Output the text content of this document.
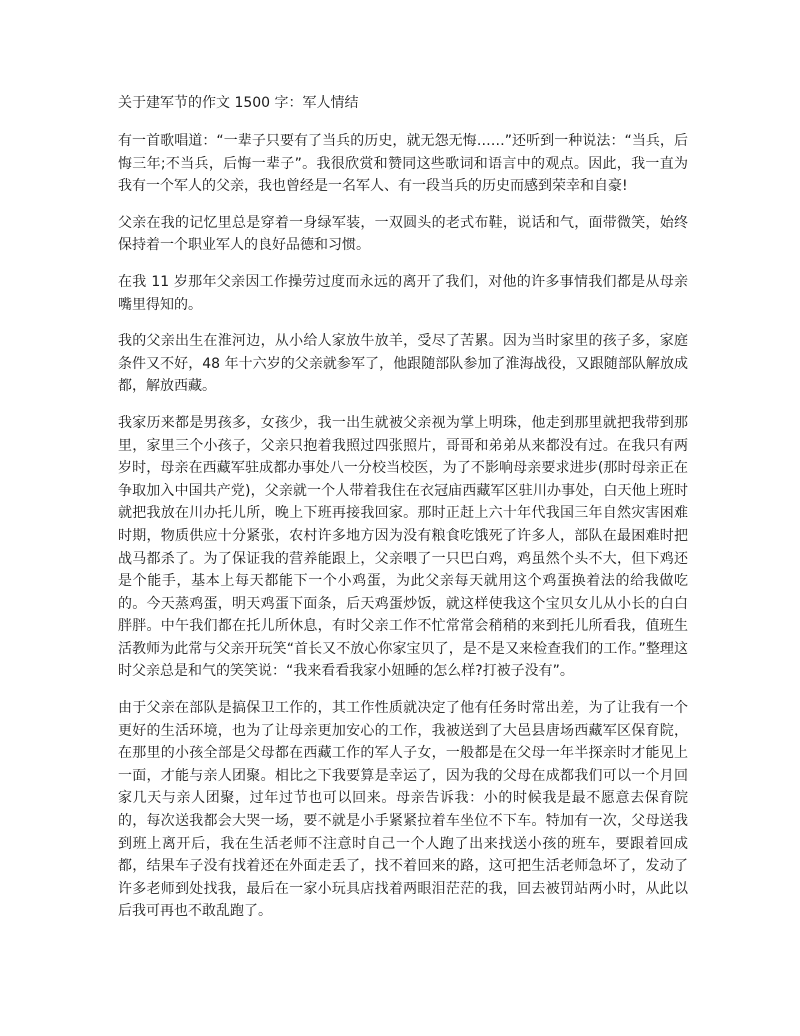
关于建军节的作文 1500 字：军人情结

有一首歌唱道：“一辈子只要有了当兵的历史，就无怨无悔……”还听到一种说法：“当兵，后悔三年;不当兵，后悔一辈子”。我很欣赏和赞同这些歌词和语言中的观点。因此，我一直为我有一个军人的父亲，我也曾经是一名军人、有一段当兵的历史而感到荣幸和自豪!

父亲在我的记忆里总是穿着一身绿军装，一双圆头的老式布鞋，说话和气，面带微笑，始终保持着一个职业军人的良好品德和习惯。

在我 11 岁那年父亲因工作操劳过度而永远的离开了我们，对他的许多事情我们都是从母亲嘴里得知的。

我的父亲出生在淮河边，从小给人家放牛放羊，受尽了苦累。因为当时家里的孩子多，家庭条件又不好，48 年十六岁的父亲就参军了，他跟随部队参加了淮海战役，又跟随部队解放成都，解放西藏。

我家历来都是男孩多，女孩少，我一出生就被父亲视为掌上明珠，他走到那里就把我带到那里，家里三个小孩子，父亲只抱着我照过四张照片，哥哥和弟弟从来都没有过。在我只有两岁时，母亲在西藏军驻成都办事处八一分校当校医，为了不影响母亲要求进步(那时母亲正在争取加入中国共产党)，父亲就一个人带着我住在衣冠庙西藏军区驻川办事处，白天他上班时就把我放在川办托儿所，晚上下班再接我回家。那时正赶上六十年代我国三年自然灾害困难时期，物质供应十分紧张，农村许多地方因为没有粮食吃饿死了许多人，部队在最困难时把战马都杀了。为了保证我的营养能跟上，父亲喂了一只巴白鸡，鸡虽然个头不大，但下鸡还是个能手，基本上每天都能下一个小鸡蛋，为此父亲每天就用这个鸡蛋换着法的给我做吃的。今天蒸鸡蛋，明天鸡蛋下面条，后天鸡蛋炒饭，就这样使我这个宝贝女儿从小长的白白胖胖。中午我们都在托儿所休息，有时父亲工作不忙常常会稍稍的来到托儿所看我，值班生活教师为此常与父亲开玩笑“首长又不放心你家宝贝了，是不是又来检查我们的工作。”整理这时父亲总是和气的笑笑说：“我来看看我家小妞睡的怎么样?打被子没有”。

由于父亲在部队是搞保卫工作的，其工作性质就决定了他有任务时常出差，为了让我有一个更好的生活环境，也为了让母亲更加安心的工作，我被送到了大邑县唐场西藏军区保育院，在那里的小孩全部是父母都在西藏工作的军人子女，一般都是在父母一年半探亲时才能见上一面，才能与亲人团聚。相比之下我要算是幸运了，因为我的父母在成都我们可以一个月回家几天与亲人团聚，过年过节也可以回来。母亲告诉我：小的时候我是最不愿意去保育院的，每次送我都会大哭一场，要不就是小手紧紧拉着车坐位不下车。特加有一次，父母送我到班上离开后，我在生活老师不注意时自己一个人跑了出来找送小孩的班车，要跟着回成都，结果车子没有找着还在外面走丢了，找不着回来的路，这可把生活老师急坏了，发动了许多老师到处找我，最后在一家小玩具店找着两眼泪茫茫的我，回去被罚站两小时，从此以后我可再也不敢乱跑了。
